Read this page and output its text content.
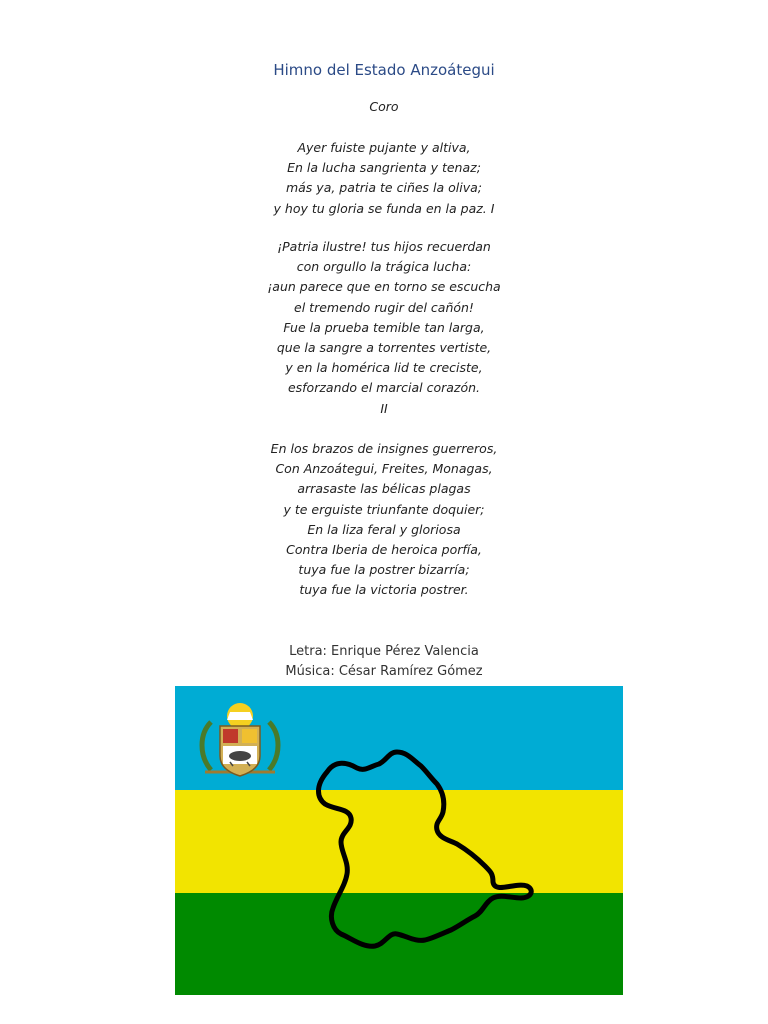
Himno del Estado Anzoátegui
Coro
Ayer fuiste pujante y altiva,
En la lucha sangrienta y tenaz;
más ya, patria te ciñes la oliva;
y hoy tu gloria se funda en la paz. I
¡Patria ilustre! tus hijos recuerdan
con orgullo la trágica lucha:
¡aun parece que en torno se escucha
el tremendo rugir del cañón!
Fue la prueba temible tan larga,
que la sangre a torrentes vertiste,
y en la homérica lid te creciste,
esforzando el marcial corazón.
II
En los brazos de insignes guerreros,
Con Anzoátegui, Freites, Monagas,
arrasaste las bélicas plagas
y te erguiste triunfante doquier;
En la liza feral y gloriosa
Contra Iberia de heroica porfía,
tuya fue la postrer bizarría;
tuya fue la victoria postrer.
Letra: Enrique Pérez Valencia
Música: César Ramírez Gómez
